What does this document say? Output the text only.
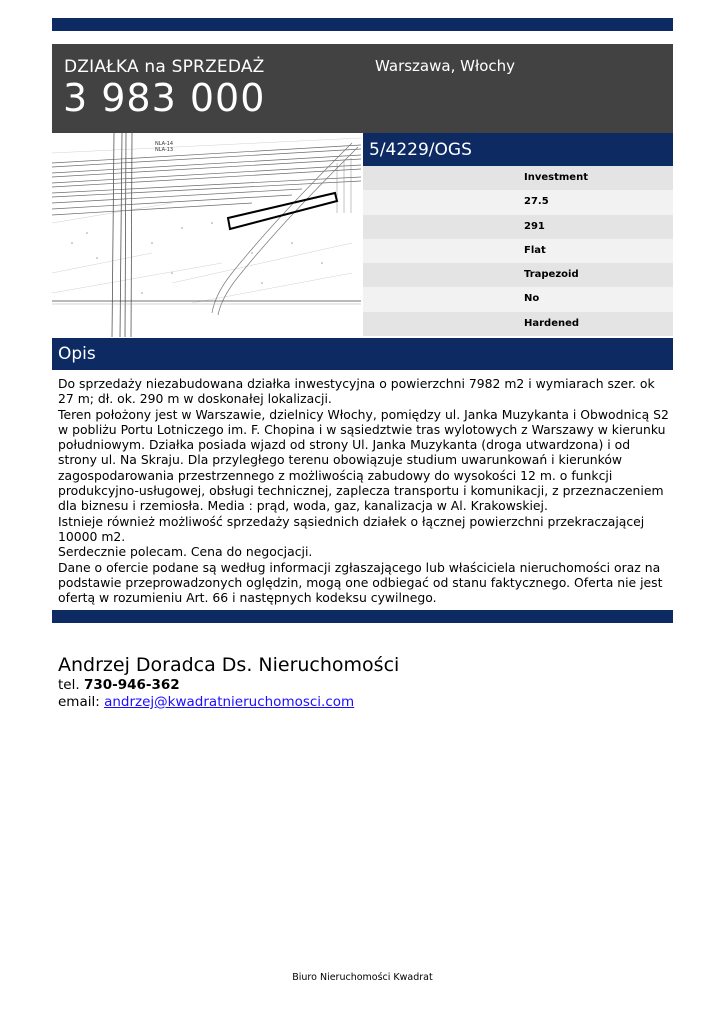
DZIAŁKA na SPRZEDAŻ
3 983 000
Warszawa, Włochy
NLA-14
NLA-13	5/4229/OGS
Investment
27.5
291
Flat
Trapezoid
No
Hardened
Opis

Do sprzedaży niezabudowana działka inwestycyjna o powierzchni 7982 m2 i wymiarach szer. ok 27 m; dł. ok. 290 m w doskonałej lokalizacji.

Teren położony jest w Warszawie, dzielnicy Włochy, pomiędzy ul. Janka Muzykanta i Obwodnicą S2 w pobliżu Portu Lotniczego im. F. Chopina i w sąsiedztwie tras wylotowych z Warszawy w kierunku południowym. Działka posiada wjazd od strony Ul. Janka Muzykanta (droga utwardzona) i od strony ul. Na Skraju. Dla przyległego terenu obowiązuje studium uwarunkowań i kierunków zagospodarowania przestrzennego z możliwością zabudowy do wysokości 12 m. o funkcji produkcyjno-usługowej, obsługi technicznej, zaplecza transportu i komunikacji, z przeznaczeniem dla biznesu i rzemiosła. Media : prąd, woda, gaz, kanalizacja w Al. Krakowskiej.

Istnieje również możliwość sprzedaży sąsiednich działek o łącznej powierzchni przekraczającej 10000 m2.

Serdecznie polecam. Cena do negocjacji.

Dane o ofercie podane są według informacji zgłaszającego lub właściciela nieruchomości oraz na podstawie przeprowadzonych oględzin, mogą one odbiegać od stanu faktycznego. Oferta nie jest ofertą w rozumieniu Art. 66 i następnych kodeksu cywilnego.

Andrzej Doradca Ds. Nieruchomości
tel. 730-946-362
email: andrzej@kwadratnieruchomosci.com
Biuro Nieruchomości Kwadrat
